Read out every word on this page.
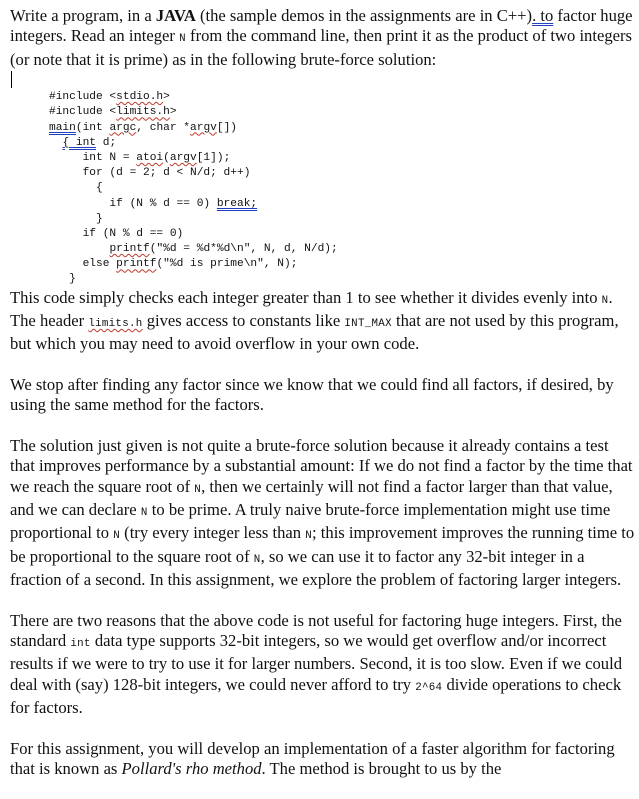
Write a program, in a JAVA (the sample demos in the assignments are in C++). to factor huge integers. Read an integer N from the command line, then print it as the product of two integers (or note that it is prime) as in the following brute-force solution:

#include <stdio.h>
#include <limits.h>
main(int argc, char *argv[])
{ int d;
int N = atoi(argv[1]);
for (d = 2; d < N/d; d++)
{
if (N % d == 0) break;
}
if (N % d == 0)
printf("%d = %d*%d\n", N, d, N/d);
else printf("%d is prime\n", N);
}

This code simply checks each integer greater than 1 to see whether it divides evenly into N. The header limits.h gives access to constants like INT_MAX that are not used by this program, but which you may need to avoid overflow in your own code.

We stop after finding any factor since we know that we could find all factors, if desired, by using the same method for the factors.

The solution just given is not quite a brute-force solution because it already contains a test that improves performance by a substantial amount: If we do not find a factor by the time that we reach the square root of N, then we certainly will not find a factor larger than that value, and we can declare N to be prime. A truly naive brute-force implementation might use time proportional to N (try every integer less than N; this improvement improves the running time to be proportional to the square root of N, so we can use it to factor any 32-bit integer in a fraction of a second. In this assignment, we explore the problem of factoring larger integers.

There are two reasons that the above code is not useful for factoring huge integers. First, the standard int data type supports 32-bit integers, so we would get overflow and/or incorrect results if we were to try to use it for larger numbers. Second, it is too slow. Even if we could deal with (say) 128-bit integers, we could never afford to try 2^64 divide operations to check for factors.

For this assignment, you will develop an implementation of a faster algorithm for factoring that is known as Pollard's rho method. The method is brought to us by the
